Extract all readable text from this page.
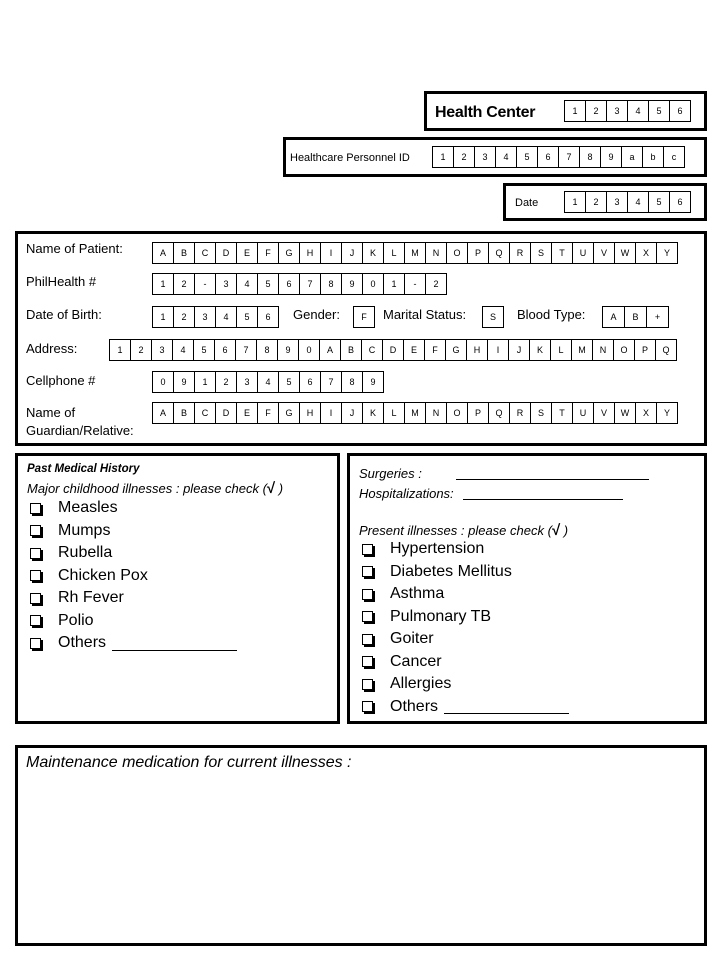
Health Center	1	2	3	4	5	6
Healthcare Personnel ID	1	2	3	4	5	6	7	8	9	a	b	c
Date	1	2	3	4	5	6
Name of Patient:	A	B	C	D	E	F	G	H	I	J	K	L	M	N	O	P	Q	R	S	T	U	V	W	X	Y
PhilHealth #	1	2	-	3	4	5	6	7	8	9	0	1	-	2
Date of Birth:	1	2	3	4	5	6	Gender:	F	Marital Status:	S	Blood Type:	A	B	+
Address:	1	2	3	4	5	6	7	8	9	0	A	B	C	D	E	F	G	H	I	J	K	L	M	N	O	P	Q
Cellphone #	0	9	1	2	3	4	5	6	7	8	9
Name of
Guardian/Relative:
A	B	C	D	E	F	G	H	I	J	K	L	M	N	O	P	Q	R	S	T	U	V	W	X	Y
Past Medical History
Major childhood illnesses : please check (√ )
Measles
Mumps
Rubella
Chicken Pox
Rh Fever
Polio
Others
Surgeries :
Hospitalizations:
Present illnesses : please check (√ )
Hypertension
Diabetes Mellitus
Asthma
Pulmonary TB
Goiter
Cancer
Allergies
Others
Maintenance medication for current illnesses :
